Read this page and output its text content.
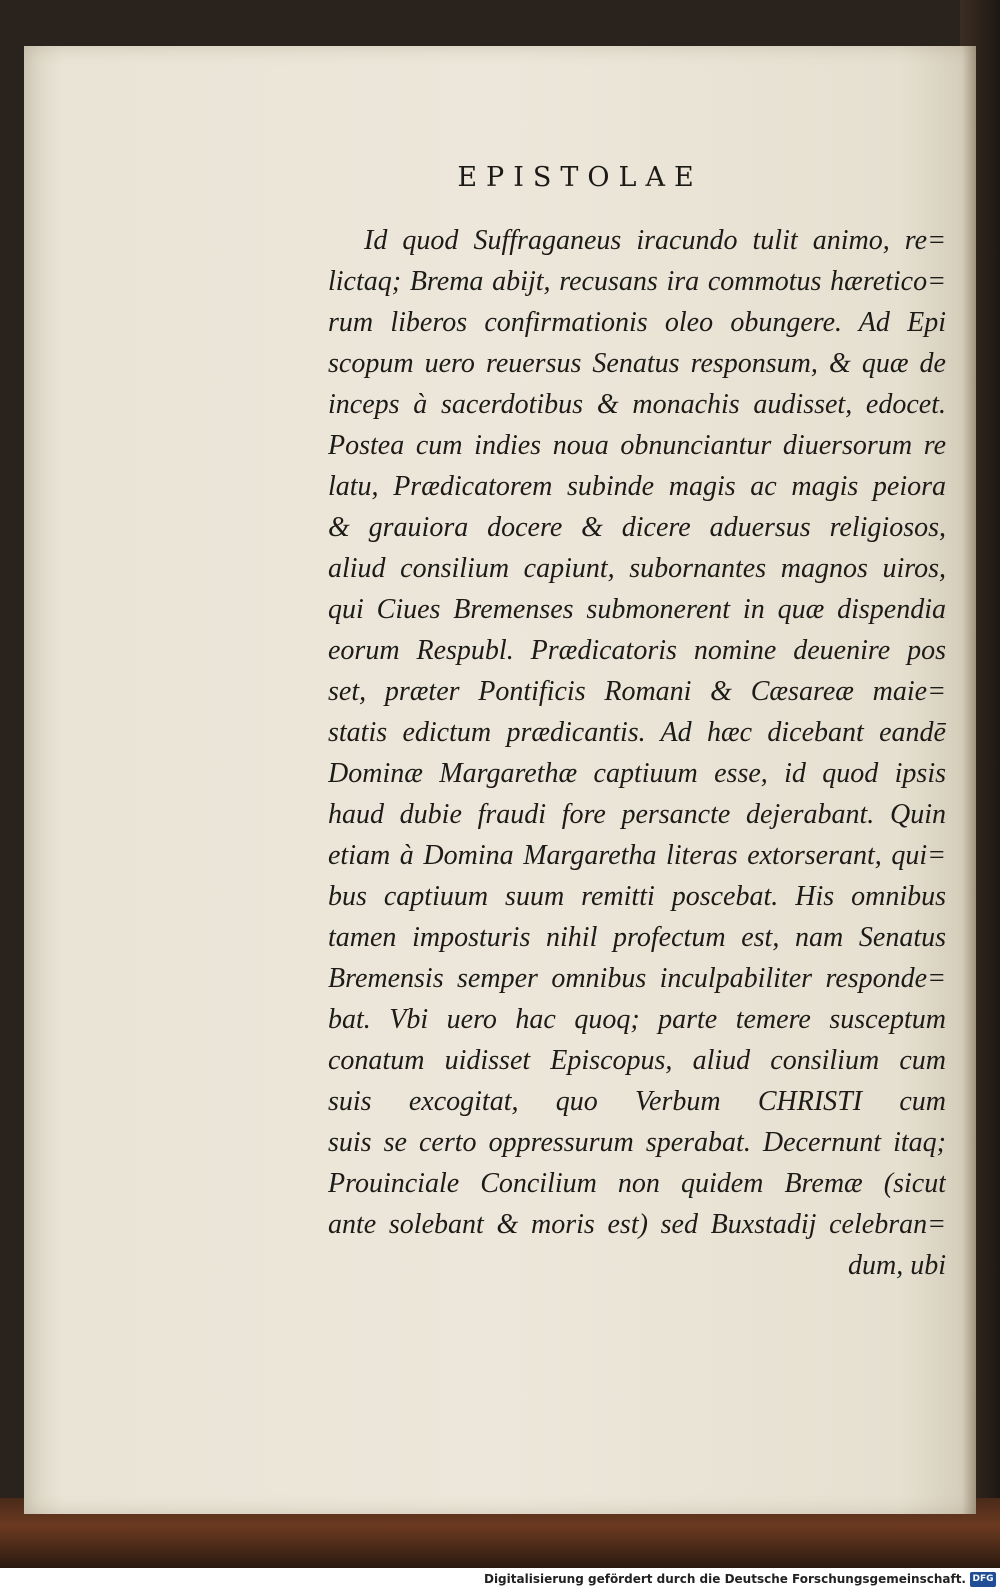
EPISTOLAE
Id quod Suffraganeus iracundo tulit animo, re=
lictaq; Brema abijt, recusans ira commotus hæretico=
rum liberos confirmationis oleo obungere. Ad Epi
scopum uero reuersus Senatus responsum, & quæ de
inceps à sacerdotibus & monachis audisset, edocet.
Postea cum indies noua obnunciantur diuersorum re
latu, Prædicatorem subinde magis ac magis peiora
& grauiora docere & dicere aduersus religiosos,
aliud consilium capiunt, subornantes magnos uiros,
qui Ciues Bremenses submonerent in quæ dispendia
eorum Respubl. Prædicatoris nomine deuenire pos
set, præter Pontificis Romani & Cæsareæ maie=
statis edictum prædicantis. Ad hæc dicebant eandē
Dominæ Margarethæ captiuum esse, id quod ipsis
haud dubie fraudi fore persancte dejerabant. Quin
etiam à Domina Margaretha literas extorserant, qui=
bus captiuum suum remitti poscebat. His omnibus
tamen imposturis nihil profectum est, nam Senatus
Bremensis semper omnibus inculpabiliter responde=
bat. Vbi uero hac quoq; parte temere susceptum
conatum uidisset Episcopus, aliud consilium cum
suis excogitat, quo Verbum CHRISTI cum
suis se certo oppressurum sperabat. Decernunt itaq;
Prouinciale Concilium non quidem Bremæ (sicut
ante solebant & moris est) sed Buxstadij celebran=
dum, ubi
Digitalisierung gefördert durch die Deutsche Forschungsgemeinschaft. DFG
